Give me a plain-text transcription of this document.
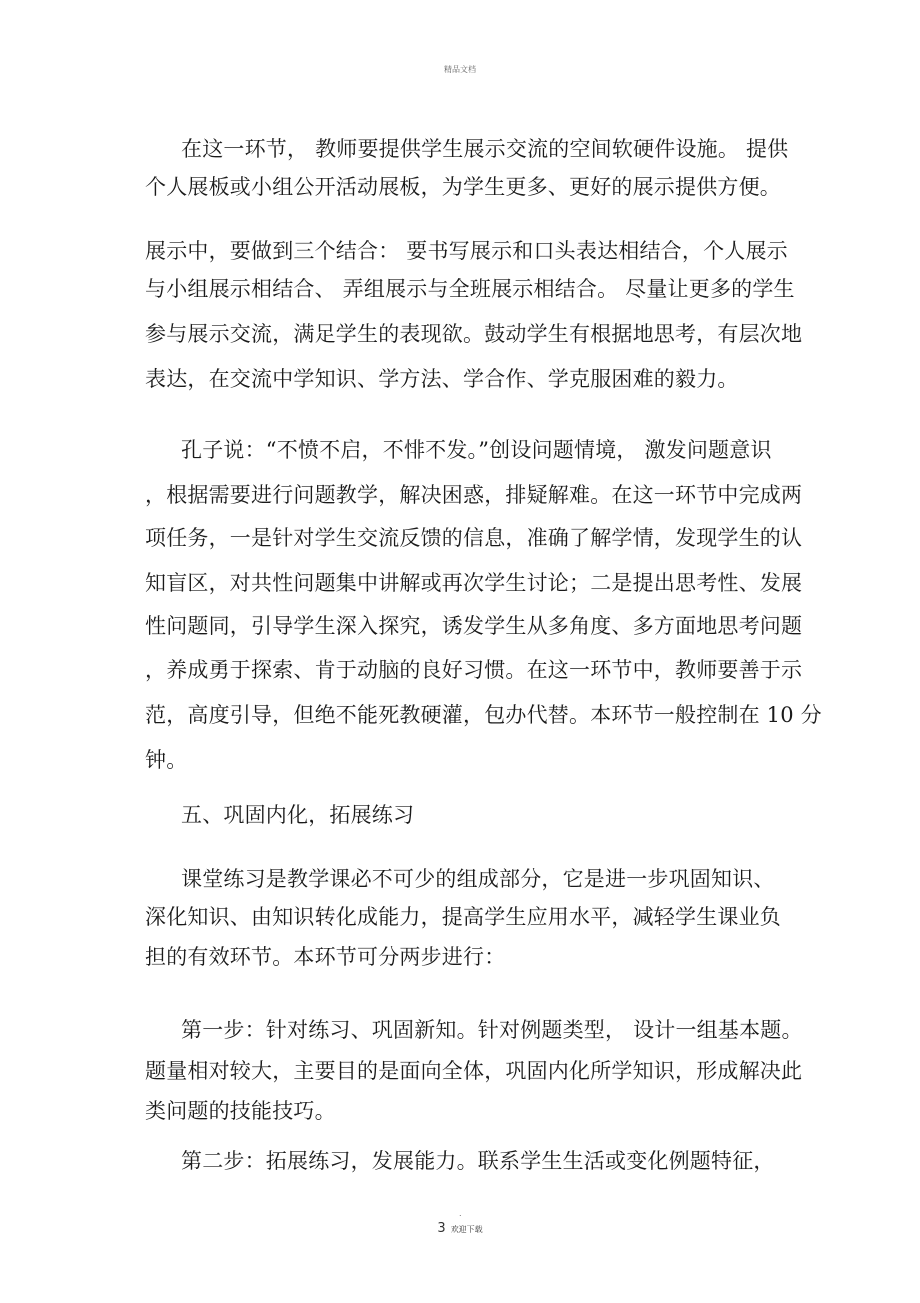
精品文档
在这一环节， 教师要提供学生展示交流的空间软硬件设施。 提供
个人展板或小组公开活动展板，为学生更多、更好的展示提供方便。
展示中，要做到三个结合： 要书写展示和口头表达相结合，个人展示
与小组展示相结合、 弄组展示与全班展示相结合。 尽量让更多的学生
参与展示交流，满足学生的表现欲。鼓动学生有根据地思考，有层次地
表达，在交流中学知识、学方法、学合作、学克服困难的毅力。
孔子说：“不愤不启，不悱不发。”创设问题情境， 激发问题意识
，根据需要进行问题教学，解决困惑，排疑解难。在这一环节中完成两
项任务，一是针对学生交流反馈的信息，准确了解学情，发现学生的认
知盲区，对共性问题集中讲解或再次学生讨论；二是提出思考性、发展
性问题同，引导学生深入探究，诱发学生从多角度、多方面地思考问题
，养成勇于探索、肯于动脑的良好习惯。在这一环节中，教师要善于示
范，高度引导，但绝不能死教硬灌，包办代替。本环节一般控制在 10 分
钟。
五、巩固内化，拓展练习
课堂练习是教学课必不可少的组成部分，它是进一步巩固知识、
深化知识、由知识转化成能力，提高学生应用水平，减轻学生课业负
担的有效环节。本环节可分两步进行：
第一步：针对练习、巩固新知。针对例题类型， 设计一组基本题。
题量相对较大，主要目的是面向全体，巩固内化所学知识，形成解决此
类问题的技能技巧。
第二步：拓展练习，发展能力。联系学生生活或变化例题特征，
.
3 欢迎下载
